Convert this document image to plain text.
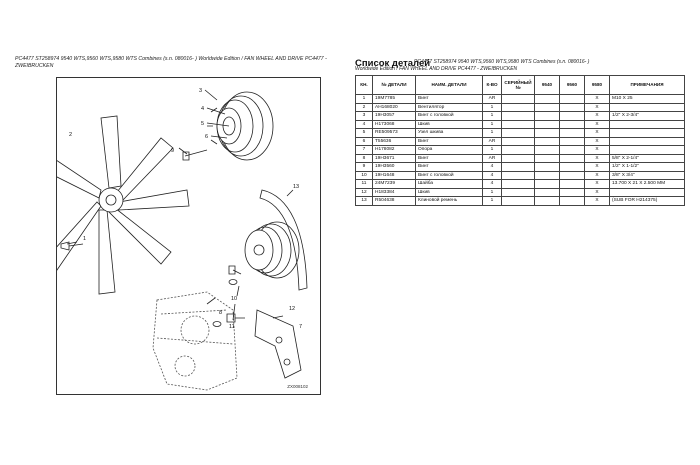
PC4477 ST258974 9540 WTS,9560 WTS,9580 WTS Combines (s.n. 080016- ) Worldwide Edition / FAN WHEEL AND DRIVE PC4477 - ZWEIBRUCKEN
3
4
5
6
9
2
13
12
10
11
8
7
1
ZX008102
Список деталей
PC4477 ST258974 9540 WTS,9560 WTS,9580 WTS Combines (s.n. 080016- )
Worldwide Edition / FAN WHEEL AND DRIVE PC4477 - ZWEIBRUCKEN
КН.	№ ДЕТАЛИ	НАИМ. ДЕТАЛИ	К-ВО	СЕРИЙНЫЙ №	9540	9560	9580	ПРИМЕЧАНИЯ
1	19M7785	Винт	AR				X	M10 X 25
2	AH168020	Вентилятор	1				X	
3	19H3057	Винт с головкой	1				X	1/2" X 2-3/4"
4	H173068	Шкив	1				X	
5	RE509573	Узел шкива	1				X	
6	T55636	Винт	AR				X	
7	H178082	Опора	1				X	
8	19H3671	Винт	AR				X	5/8" X 2-1/4"
9	19H3560	Винт	4				X	1/2" X 1-1/2"
10	19H1648	Винт с головкой	4				X	3/8" X 3/4"
11	24M7239	Шайба	4				X	13.700 X 21 X 2.500 MM
12	H183384	Шкив	1				X	
13	R504638	Клиновой ремень	1				X	(SUB FOR H214375)
